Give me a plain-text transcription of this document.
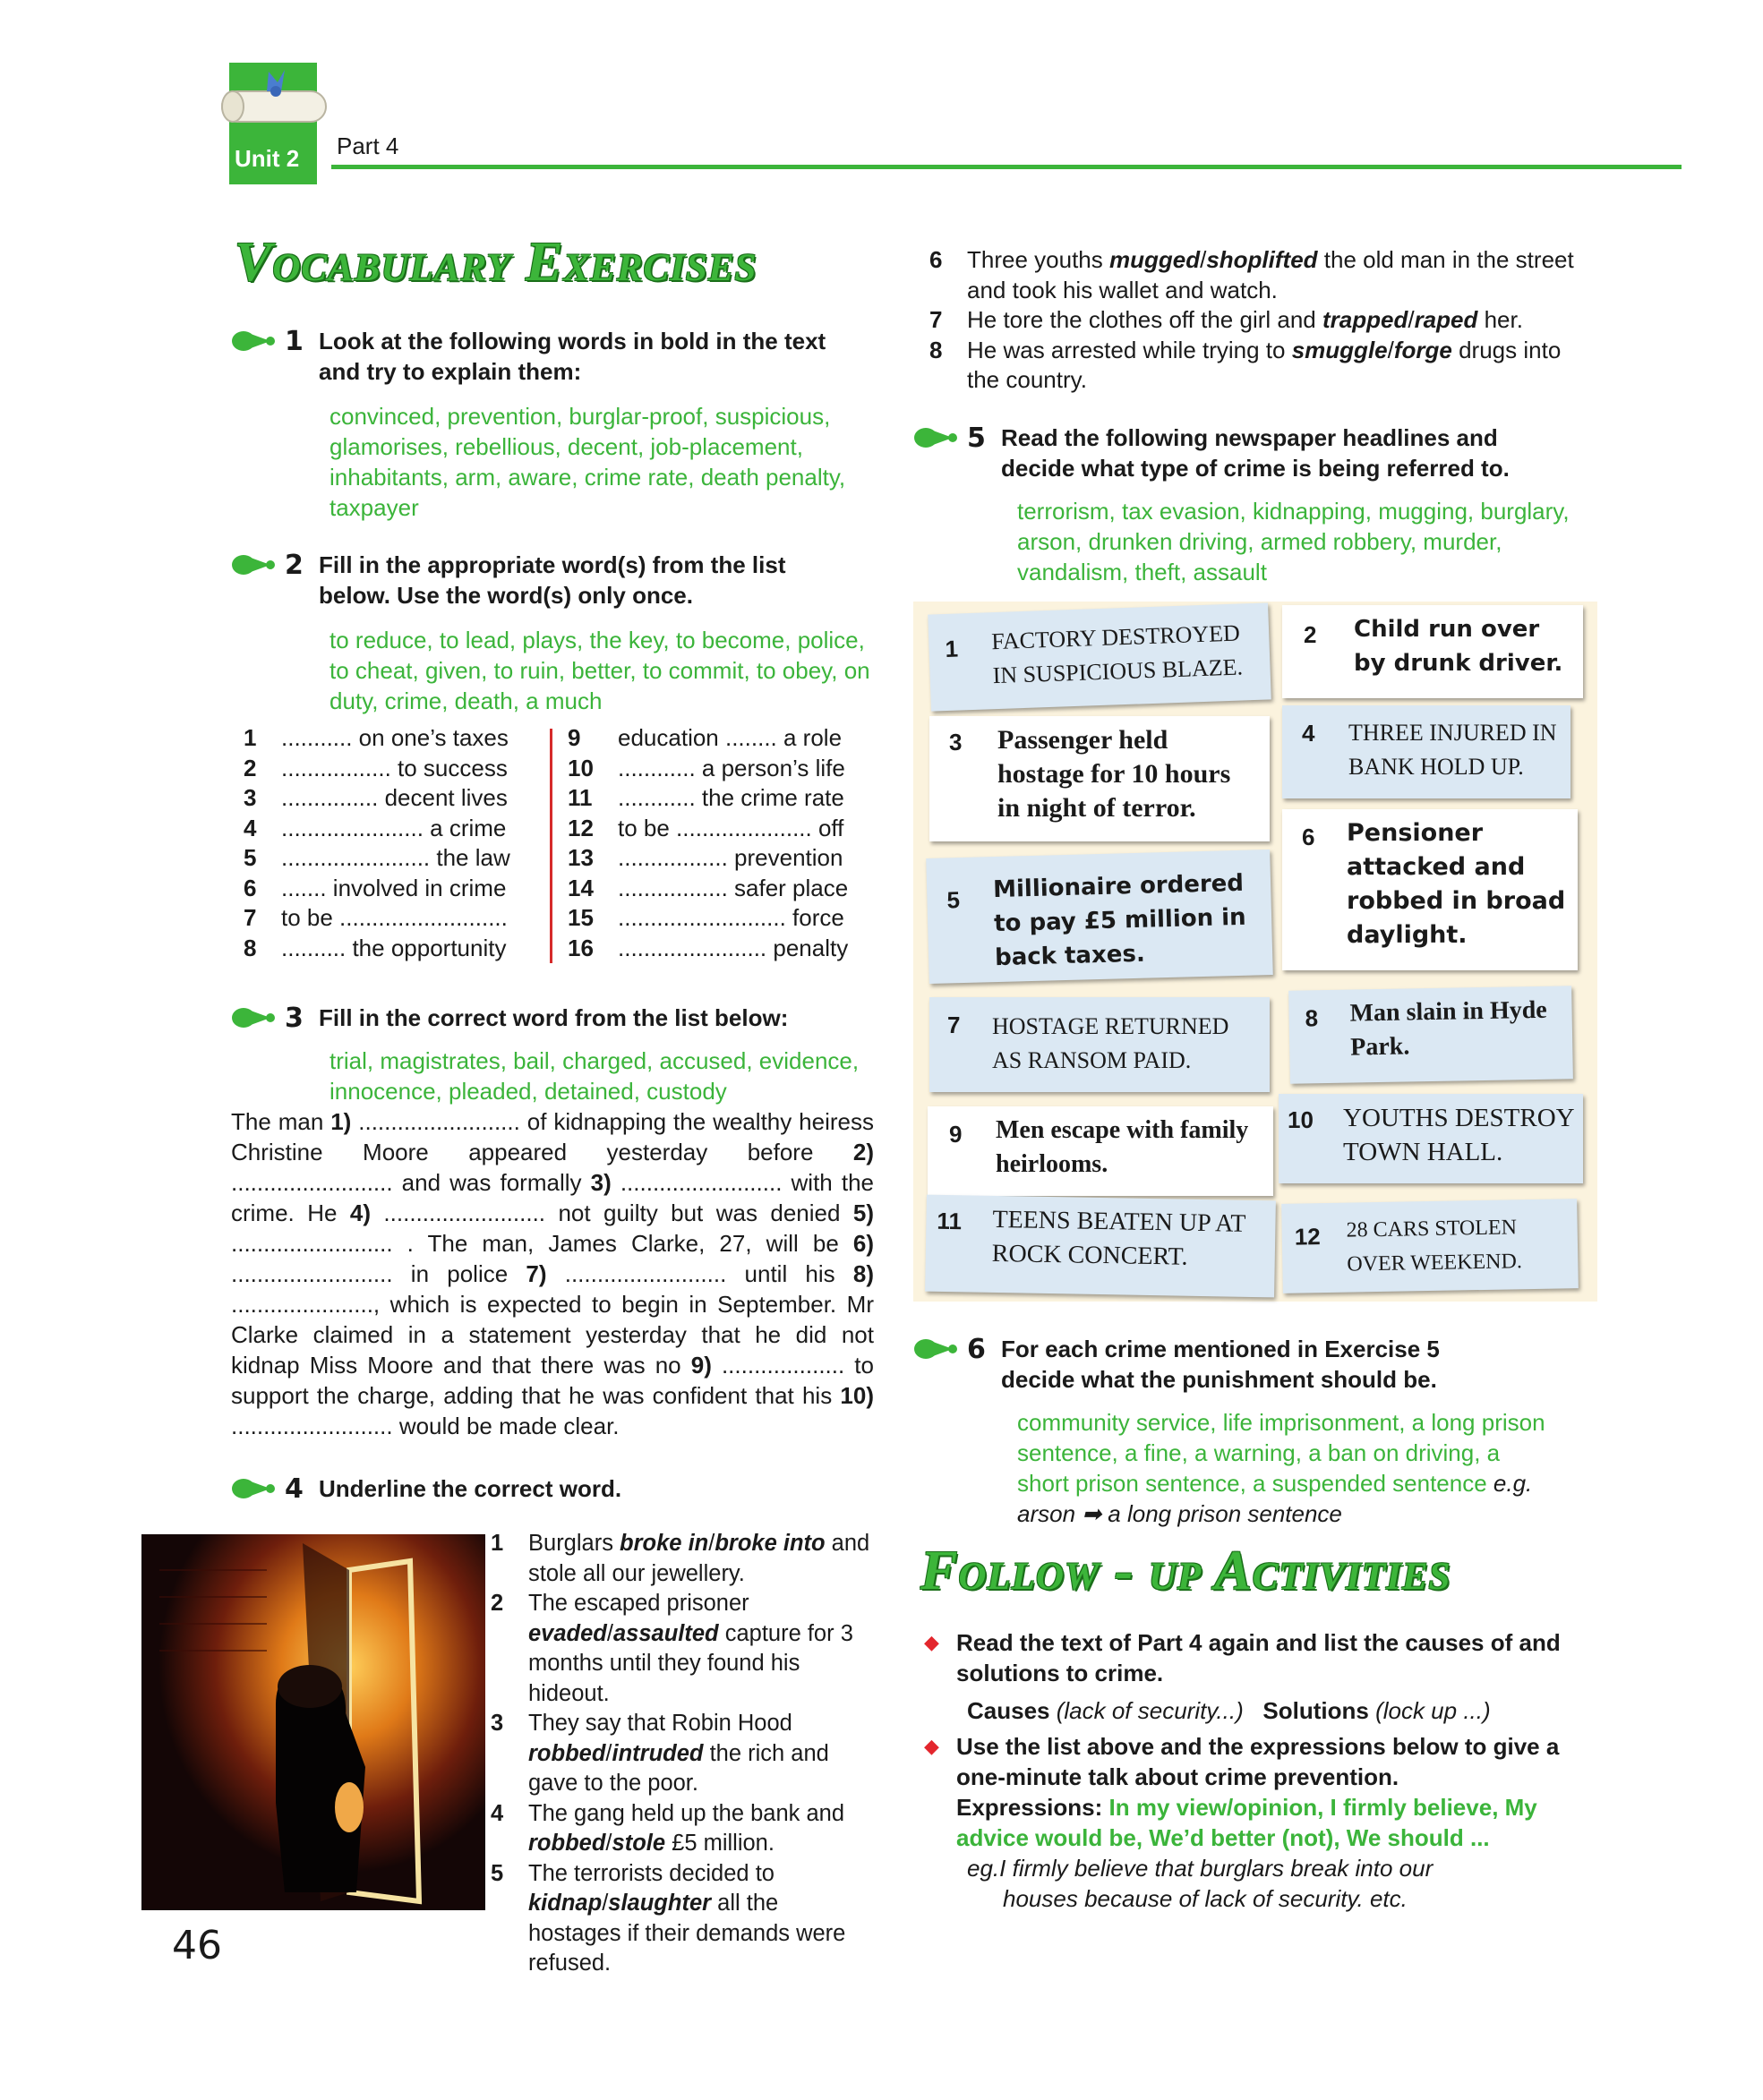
Unit 2 Part 4
Vocabulary Exercises
1 Look at the following words in bold in the text and try to explain them:
convinced, prevention, burglar-proof, suspicious, glamorises, rebellious, decent, job-placement, inhabitants, arm, aware, crime rate, death penalty, taxpayer
2 Fill in the appropriate word(s) from the list below. Use the word(s) only once.
to reduce, to lead, plays, the key, to become, police, to cheat, given, to ruin, better, to commit, to obey, on duty, crime, death, a much
1	........... on one’s taxes
2	................. to success
3	............... decent lives
4	...................... a crime
5	....................... the law
6	....... involved in crime
7	to be ..........................
8	.......... the opportunity
9	education ........ a role
10	............ a person’s life
11	............ the crime rate
12	to be ..................... off
13	................. prevention
14	................. safer place
15	.......................... force
16	....................... penalty
3 Fill in the correct word from the list below:
trial, magistrates, bail, charged, accused, evidence, innocence, pleaded, detained, custody
The man 1) ......................... of kidnapping the wealthy heiress Christine Moore appeared yesterday before 2) ......................... and was formally 3) ......................... with the crime. He 4) ......................... not guilty but was denied 5) ......................... . The man, James Clarke, 27, will be 6) ......................... in police 7) ......................... until his 8) ......................, which is expected to begin in September. Mr Clarke claimed in a statement yesterday that he did not kidnap Miss Moore and that there was no 9) ................... to support the charge, adding that he was confident that his 10) ......................... would be made clear.
4 Underline the correct word.
1	Burglars broke in/broke into and stole all our jewellery.
2	The escaped prisoner evaded/assaulted capture for 3 months until they found his hideout.
3	They say that Robin Hood robbed/intruded the rich and gave to the poor.
4	The gang held up the bank and robbed/stole £5 million.
5	The terrorists decided to kidnap/slaughter all the hostages if their demands were refused.
46
6	Three youths mugged/shoplifted the old man in the street and took his wallet and watch.
7	He tore the clothes off the girl and trapped/raped her.
8	He was arrested while trying to smuggle/forge drugs into the country.
5 Read the following newspaper headlines and decide what type of crime is being referred to.
terrorism, tax evasion, kidnapping, mugging, burglary, arson, drunken driving, armed robbery, murder, vandalism, theft, assault
1 FACTORY DESTROYED IN SUSPICIOUS BLAZE.
2 Child run over by drunk driver.
3 Passenger held hostage for 10 hours in night of terror.
4 THREE INJURED IN BANK HOLD UP.
5 Millionaire ordered to pay £5 million in back taxes.
6 Pensioner attacked and robbed in broad daylight.
7 HOSTAGE RETURNED AS RANSOM PAID.
8 Man slain in Hyde Park.
9 Men escape with family heirlooms.
10 YOUTHS DESTROY TOWN HALL.
11 TEENS BEATEN UP AT ROCK CONCERT.
12 28 CARS STOLEN OVER WEEKEND.
6 For each crime mentioned in Exercise 5 decide what the punishment should be.
community service, life imprisonment, a long prison sentence, a fine, a warning, a ban on driving, a short prison sentence, a suspended sentence e.g. arson ➡ a long prison sentence
Follow - up Activities
◆ Read the text of Part 4 again and list the causes of and solutions to crime.
Causes (lack of security...) Solutions (lock up ...)
◆ Use the list above and the expressions below to give a one-minute talk about crime prevention.
Expressions: In my view/opinion, I firmly believe, My advice would be, We’d better (not), We should ...
eg.I firmly believe that burglars break into our
houses because of lack of security. etc.
